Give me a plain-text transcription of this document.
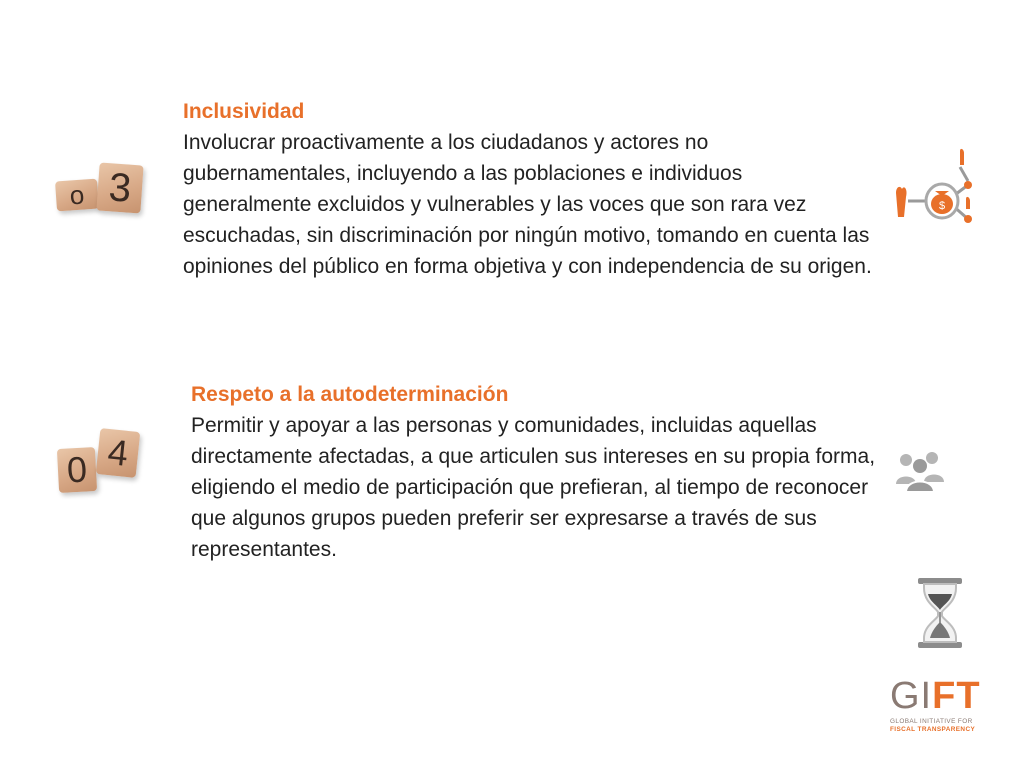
Inclusividad
Involucrar proactivamente a los ciudadanos y actores no gubernamentales, incluyendo a las poblaciones e individuos generalmente excluidos y vulnerables y las voces que son rara vez escuchadas, sin discriminación por ningún motivo, tomando en cuenta las opiniones del público en forma objetiva y con independencia de su origen.
Respeto a la autodeterminación
Permitir y apoyar a las personas y comunidades, incluidas aquellas directamente afectadas, a que articulen sus intereses en su propia forma, eligiendo el medio de participación que prefieran, al tiempo de reconocer que algunos grupos pueden preferir ser expresarse a través de sus representantes.
o 3
0 4
$
GIFT
GLOBAL INITIATIVE FOR
FISCAL TRANSPARENCY
